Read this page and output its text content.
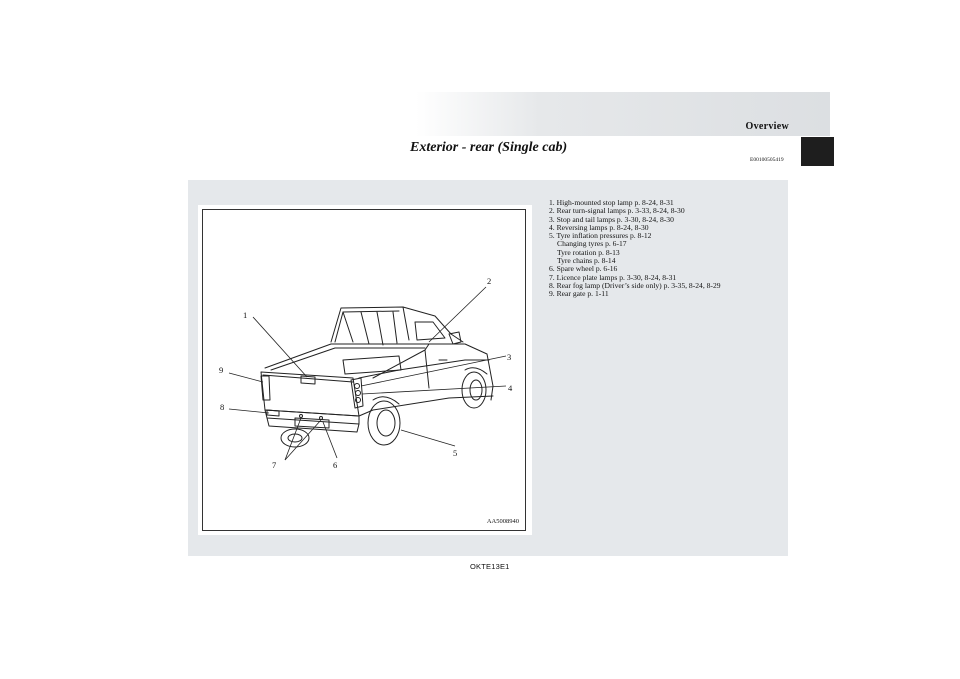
Overview
Exterior - rear (Single cab)
E00100505419
1
2
3
4
5
6
7
8
9
AA5008940
1. High-mounted stop lamp p. 8-24, 8-31
2. Rear turn-signal lamps p. 3-33, 8-24, 8-30
3. Stop and tail lamps p. 3-30, 8-24, 8-30
4. Reversing lamps p. 8-24, 8-30
5. Tyre inflation pressures p. 8-12
Changing tyres p. 6-17
Tyre rotation p. 8-13
Tyre chains p. 8-14
6. Spare wheel p. 6-16
7. Licence plate lamps p. 3-30, 8-24, 8-31
8. Rear fog lamp (Driver’s side only) p. 3-35, 8-24, 8-29
9. Rear gate p. 1-11
OKTE13E1
